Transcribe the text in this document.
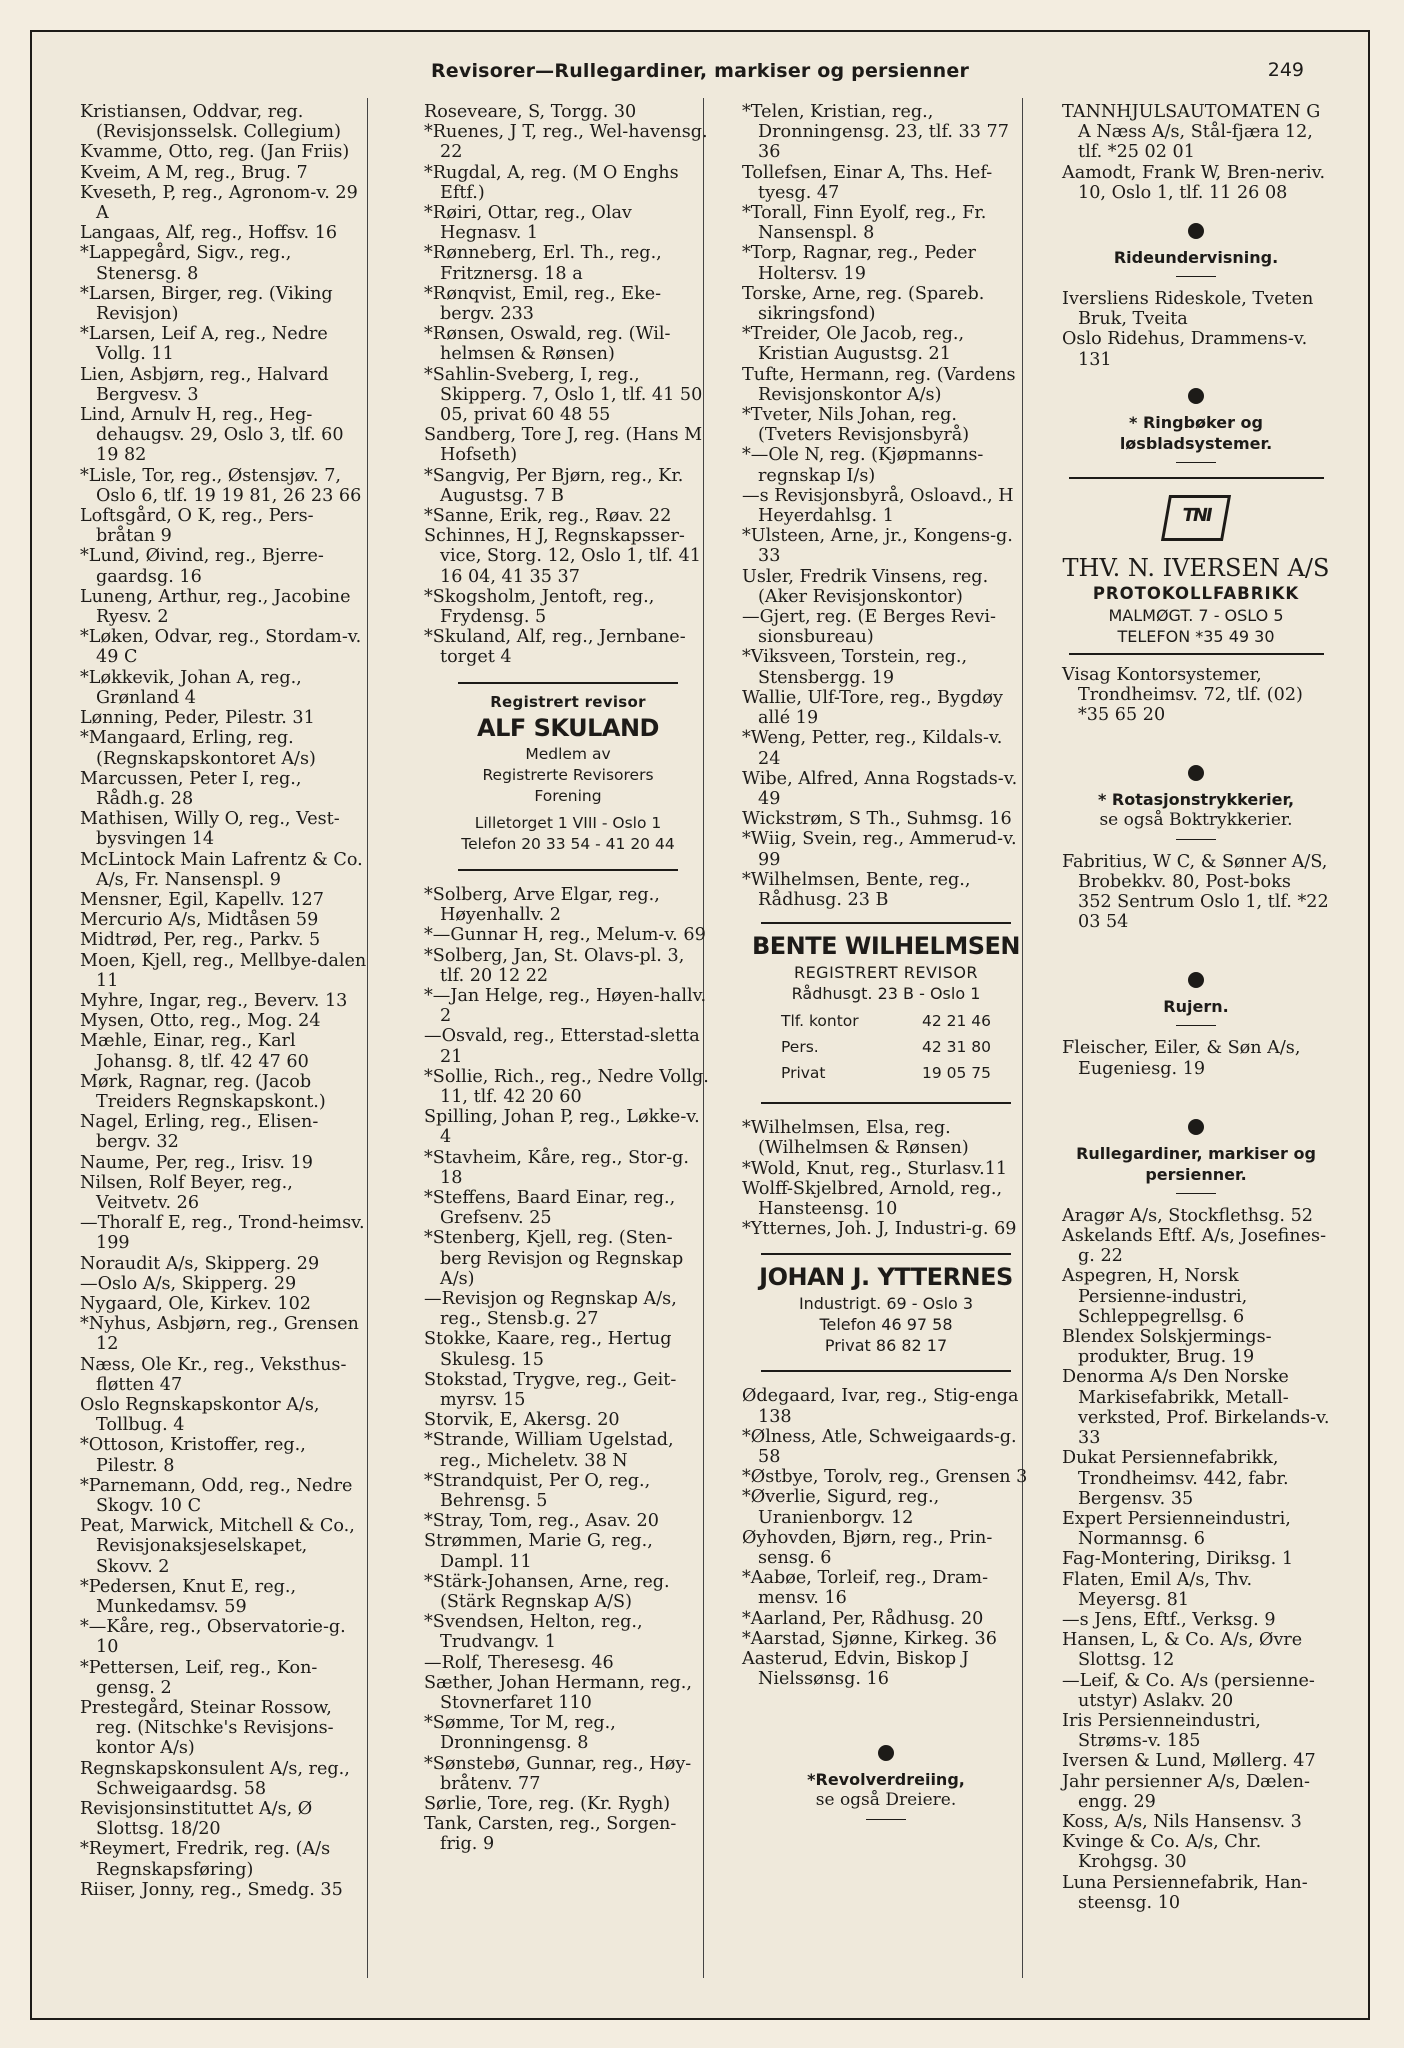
Revisorer—Rullegardiner, markiser og persienner	249

Kristiansen, Oddvar, reg. (Revisjonsselsk. Collegium)

Kvamme, Otto, reg. (Jan Friis)

Kveim, A M, reg., Brug. 7

Kveseth, P, reg., Agronom-v. 29 A

Langaas, Alf, reg., Hoffsv. 16

*Lappegård, Sigv., reg., Stenersg. 8

*Larsen, Birger, reg. (Viking Revisjon)

*Larsen, Leif A, reg., Nedre Vollg. 11

Lien, Asbjørn, reg., Halvard Bergvesv. 3

Lind, Arnulv H, reg., Heg-dehaugsv. 29, Oslo 3, tlf. 60 19 82

*Lisle, Tor, reg., Østensjøv. 7, Oslo 6, tlf. 19 19 81, 26 23 66

Loftsgård, O K, reg., Pers-bråtan 9

*Lund, Øivind, reg., Bjerre-gaardsg. 16

Luneng, Arthur, reg., Jacobine Ryesv. 2

*Løken, Odvar, reg., Stordam-v. 49 C

*Løkkevik, Johan A, reg., Grønland 4

Lønning, Peder, Pilestr. 31

*Mangaard, Erling, reg. (Regnskapskontoret A/s)

Marcussen, Peter I, reg., Rådh.g. 28

Mathisen, Willy O, reg., Vest-bysvingen 14

McLintock Main Lafrentz & Co. A/s, Fr. Nansenspl. 9

Mensner, Egil, Kapellv. 127

Mercurio A/s, Midtåsen 59

Midtrød, Per, reg., Parkv. 5

Moen, Kjell, reg., Mellbye-dalen 11

Myhre, Ingar, reg., Beverv. 13

Mysen, Otto, reg., Mog. 24

Mæhle, Einar, reg., Karl Johansg. 8, tlf. 42 47 60

Mørk, Ragnar, reg. (Jacob Treiders Regnskapskont.)

Nagel, Erling, reg., Elisen-bergv. 32

Naume, Per, reg., Irisv. 19

Nilsen, Rolf Beyer, reg., Veitvetv. 26

—Thoralf E, reg., Trond-heimsv. 199

Noraudit A/s, Skipperg. 29

—Oslo A/s, Skipperg. 29

Nygaard, Ole, Kirkev. 102

*Nyhus, Asbjørn, reg., Grensen 12

Næss, Ole Kr., reg., Veksthus-fløtten 47

Oslo Regnskapskontor A/s, Tollbug. 4

*Ottoson, Kristoffer, reg., Pilestr. 8

*Parnemann, Odd, reg., Nedre Skogv. 10 C

Peat, Marwick, Mitchell & Co., Revisjonaksjeselskapet, Skovv. 2

*Pedersen, Knut E, reg., Munkedamsv. 59

*—Kåre, reg., Observatorie-g. 10

*Pettersen, Leif, reg., Kon-gensg. 2

Prestegård, Steinar Rossow, reg. (Nitschke's Revisjons-kontor A/s)

Regnskapskonsulent A/s, reg., Schweigaardsg. 58

Revisjonsinstituttet A/s, Ø Slottsg. 18/20

*Reymert, Fredrik, reg. (A/s Regnskapsføring)

Riiser, Jonny, reg., Smedg. 35

Roseveare, S, Torgg. 30

*Ruenes, J T, reg., Wel-havensg. 22

*Rugdal, A, reg. (M O Enghs Eftf.)

*Røiri, Ottar, reg., Olav Hegnasv. 1

*Rønneberg, Erl. Th., reg., Fritznersg. 18 a

*Rønqvist, Emil, reg., Eke-bergv. 233

*Rønsen, Oswald, reg. (Wil-helmsen & Rønsen)

*Sahlin-Sveberg, I, reg., Skipperg. 7, Oslo 1, tlf. 41 50 05, privat 60 48 55

Sandberg, Tore J, reg. (Hans M Hofseth)

*Sangvig, Per Bjørn, reg., Kr. Augustsg. 7 B

*Sanne, Erik, reg., Røav. 22

Schinnes, H J, Regnskapsser-vice, Storg. 12, Oslo 1, tlf. 41 16 04, 41 35 37

*Skogsholm, Jentoft, reg., Frydensg. 5

*Skuland, Alf, reg., Jernbane-torget 4

Registrert revisor
ALF SKULAND
Medlem av
Registrerte Revisorers
Forening
Lilletorget 1 VIII - Oslo 1
Telefon 20 33 54 - 41 20 44

*Solberg, Arve Elgar, reg., Høyenhallv. 2

*—Gunnar H, reg., Melum-v. 69

*Solberg, Jan, St. Olavs-pl. 3, tlf. 20 12 22

*—Jan Helge, reg., Høyen-hallv. 2

—Osvald, reg., Etterstad-sletta 21

*Sollie, Rich., reg., Nedre Vollg. 11, tlf. 42 20 60

Spilling, Johan P, reg., Løkke-v. 4

*Stavheim, Kåre, reg., Stor-g. 18

*Steffens, Baard Einar, reg., Grefsenv. 25

*Stenberg, Kjell, reg. (Sten-berg Revisjon og Regnskap A/s)

—Revisjon og Regnskap A/s, reg., Stensb.g. 27

Stokke, Kaare, reg., Hertug Skulesg. 15

Stokstad, Trygve, reg., Geit-myrsv. 15

Storvik, E, Akersg. 20

*Strande, William Ugelstad, reg., Micheletv. 38 N

*Strandquist, Per O, reg., Behrensg. 5

*Stray, Tom, reg., Asav. 20

Strømmen, Marie G, reg., Dampl. 11

*Stärk-Johansen, Arne, reg. (Stärk Regnskap A/S)

*Svendsen, Helton, reg., Trudvangv. 1

—Rolf, Theresesg. 46

Sæther, Johan Hermann, reg., Stovnerfaret 110

*Sømme, Tor M, reg., Dronningensg. 8

*Sønstebø, Gunnar, reg., Høy-bråtenv. 77

Sørlie, Tore, reg. (Kr. Rygh)

Tank, Carsten, reg., Sorgen-frig. 9

*Telen, Kristian, reg., Dronningensg. 23, tlf. 33 77 36

Tollefsen, Einar A, Ths. Hef-tyesg. 47

*Torall, Finn Eyolf, reg., Fr. Nansenspl. 8

*Torp, Ragnar, reg., Peder Holtersv. 19

Torske, Arne, reg. (Spareb. sikringsfond)

*Treider, Ole Jacob, reg., Kristian Augustsg. 21

Tufte, Hermann, reg. (Vardens Revisjonskontor A/s)

*Tveter, Nils Johan, reg. (Tveters Revisjonsbyrå)

*—Ole N, reg. (Kjøpmanns-regnskap I/s)

—s Revisjonsbyrå, Osloavd., H Heyerdahlsg. 1

*Ulsteen, Arne, jr., Kongens-g. 33

Usler, Fredrik Vinsens, reg. (Aker Revisjonskontor)

—Gjert, reg. (E Berges Revi-sionsbureau)

*Viksveen, Torstein, reg., Stensbergg. 19

Wallie, Ulf-Tore, reg., Bygdøy allé 19

*Weng, Petter, reg., Kildals-v. 24

Wibe, Alfred, Anna Rogstads-v. 49

Wickstrøm, S Th., Suhmsg. 16

*Wiig, Svein, reg., Ammerud-v. 99

*Wilhelmsen, Bente, reg., Rådhusg. 23 B

BENTE WILHELMSEN
REGISTRERT REVISOR
Rådhusgt. 23 B - Oslo 1
Tlf. kontor	42 21 46
Pers.	42 31 80
Privat	19 05 75

*Wilhelmsen, Elsa, reg. (Wilhelmsen & Rønsen)

*Wold, Knut, reg., Sturlasv.11

Wolff-Skjelbred, Arnold, reg., Hansteensg. 10

*Ytternes, Joh. J, Industri-g. 69

JOHAN J. YTTERNES
Industrigt. 69 - Oslo 3
Telefon 46 97 58
Privat 86 82 17

Ødegaard, Ivar, reg., Stig-enga 138

*Ølness, Atle, Schweigaards-g. 58

*Østbye, Torolv, reg., Grensen 3

*Øverlie, Sigurd, reg., Uranienborgv. 12

Øyhovden, Bjørn, reg., Prin-sensg. 6

*Aabøe, Torleif, reg., Dram-mensv. 16

*Aarland, Per, Rådhusg. 20

*Aarstad, Sjønne, Kirkeg. 36

Aasterud, Edvin, Biskop J Nielssønsg. 16

*Revolverdreiing,
se også Dreiere.

TANNHJULSAUTOMATEN G A Næss A/s, Stål-fjæra 12, tlf. *25 02 01

Aamodt, Frank W, Bren-neriv. 10, Oslo 1, tlf. 11 26 08

Rideundervisning.

Iversliens Rideskole, Tveten Bruk, Tveita

Oslo Ridehus, Drammens-v. 131

* Ringbøker og løsbladsystemer.
TNI
THV. N. IVERSEN A/S
PROTOKOLLFABRIKK
MALMØGT. 7 - OSLO 5
TELEFON *35 49 30

Visag Kontorsystemer, Trondheimsv. 72, tlf. (02) *35 65 20

* Rotasjonstrykkerier,
se også Boktrykkerier.

Fabritius, W C, & Sønner A/S, Brobekkv. 80, Post-boks 352 Sentrum Oslo 1, tlf. *22 03 54

Rujern.

Fleischer, Eiler, & Søn A/s, Eugeniesg. 19

Rullegardiner, markiser og persienner.

Aragør A/s, Stockflethsg. 52

Askelands Eftf. A/s, Josefines-g. 22

Aspegren, H, Norsk Persienne-industri, Schleppegrellsg. 6

Blendex Solskjermings-produkter, Brug. 19

Denorma A/s Den Norske Markisefabrikk, Metall-verksted, Prof. Birkelands-v. 33

Dukat Persiennefabrikk, Trondheimsv. 442, fabr. Bergensv. 35

Expert Persienneindustri, Normannsg. 6

Fag-Montering, Diriksg. 1

Flaten, Emil A/s, Thv. Meyersg. 81

—s Jens, Eftf., Verksg. 9

Hansen, L, & Co. A/s, Øvre Slottsg. 12

—Leif, & Co. A/s (persienne-utstyr) Aslakv. 20

Iris Persienneindustri, Strøms-v. 185

Iversen & Lund, Møllerg. 47

Jahr persienner A/s, Dælen-engg. 29

Koss, A/s, Nils Hansensv. 3

Kvinge & Co. A/s, Chr. Krohgsg. 30

Luna Persiennefabrik, Han-steensg. 10
